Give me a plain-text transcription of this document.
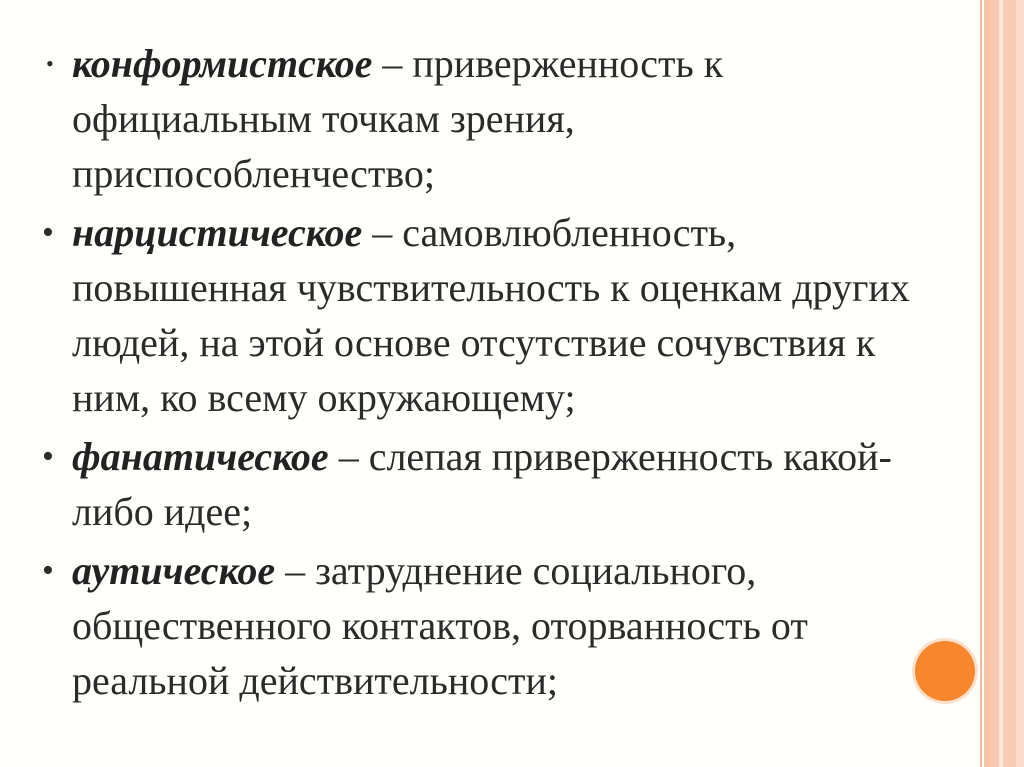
• конформистское – приверженность к официальным точкам зрения, приспособленчество;
• нарцистическое – самовлюбленность, повышенная чувствительность к оценкам других людей, на этой основе отсутствие сочувствия к ним, ко всему окружающему;
• фанатическое – слепая приверженность какой-либо идее;
• аутическое – затруднение социального, общественного контактов, оторванность от реальной действительности;
